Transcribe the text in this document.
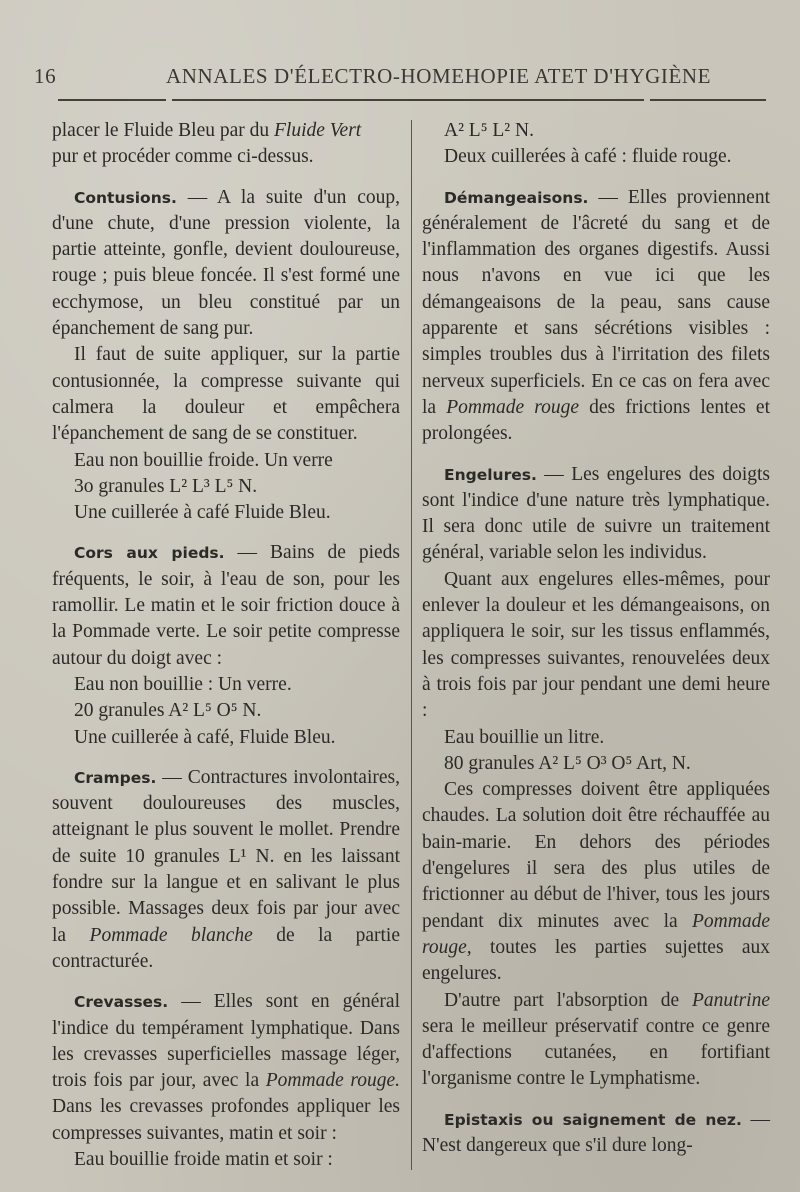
16	ANNALES D'ÉLECTRO-HOMEHOPIE ATET D'HYGIÈNE

placer le Fluide Bleu par du Fluide Vert
pur et procéder comme ci-dessus.

Contusions. — A la suite d'un coup, d'une chute, d'une pression violente, la partie atteinte, gonfle, devient douloureuse, rouge ; puis bleue foncée. Il s'est formé une ecchymose, un bleu constitué par un épanchement de sang pur.

Il faut de suite appliquer, sur la partie contusionnée, la compresse suivante qui calmera la douleur et empêchera l'épanchement de sang de se constituer.

Eau non bouillie froide. Un verre

3o granules L² L³ L⁵ N.

Une cuillerée à café Fluide Bleu.

Cors aux pieds. — Bains de pieds fréquents, le soir, à l'eau de son, pour les ramollir. Le matin et le soir friction douce à la Pommade verte. Le soir petite compresse autour du doigt avec :

Eau non bouillie : Un verre.

20 granules A² L⁵ O⁵ N.

Une cuillerée à café, Fluide Bleu.

Crampes. — Contractures involontaires, souvent douloureuses des muscles, atteignant le plus souvent le mollet. Prendre de suite 10 granules L¹ N. en les laissant fondre sur la langue et en salivant le plus possible. Massages deux fois par jour avec la Pommade blanche de la partie contracturée.

Crevasses. — Elles sont en général l'indice du tempérament lymphatique. Dans les crevasses superficielles massage léger, trois fois par jour, avec la Pommade rouge. Dans les crevasses profondes appliquer les compresses suivantes, matin et soir :

Eau bouillie froide matin et soir :

A² L⁵ L² N.

Deux cuillerées à café : fluide rouge.

Démangeaisons. — Elles proviennent généralement de l'âcreté du sang et de l'inflammation des organes digestifs. Aussi nous n'avons en vue ici que les démangeaisons de la peau, sans cause apparente et sans sécrétions visibles : simples troubles dus à l'irritation des filets nerveux superficiels. En ce cas on fera avec la Pommade rouge des frictions lentes et prolongées.

Engelures. — Les engelures des doigts sont l'indice d'une nature très lymphatique. Il sera donc utile de suivre un traitement général, variable selon les individus.

Quant aux engelures elles-mêmes, pour enlever la douleur et les démangeaisons, on appliquera le soir, sur les tissus enflammés, les compresses suivantes, renouvelées deux à trois fois par jour pendant une demi heure :

Eau bouillie un litre.

80 granules A² L⁵ O³ O⁵ Art, N.

Ces compresses doivent être appliquées chaudes. La solution doit être réchauffée au bain-marie. En dehors des périodes d'engelures il sera des plus utiles de frictionner au début de l'hiver, tous les jours pendant dix minutes avec la Pommade rouge, toutes les parties sujettes aux engelures.

D'autre part l'absorption de Panutrine sera le meilleur préservatif contre ce genre d'affections cutanées, en fortifiant l'organisme contre le Lymphatisme.

Epistaxis ou saignement de nez. — N'est dangereux que s'il dure long-
